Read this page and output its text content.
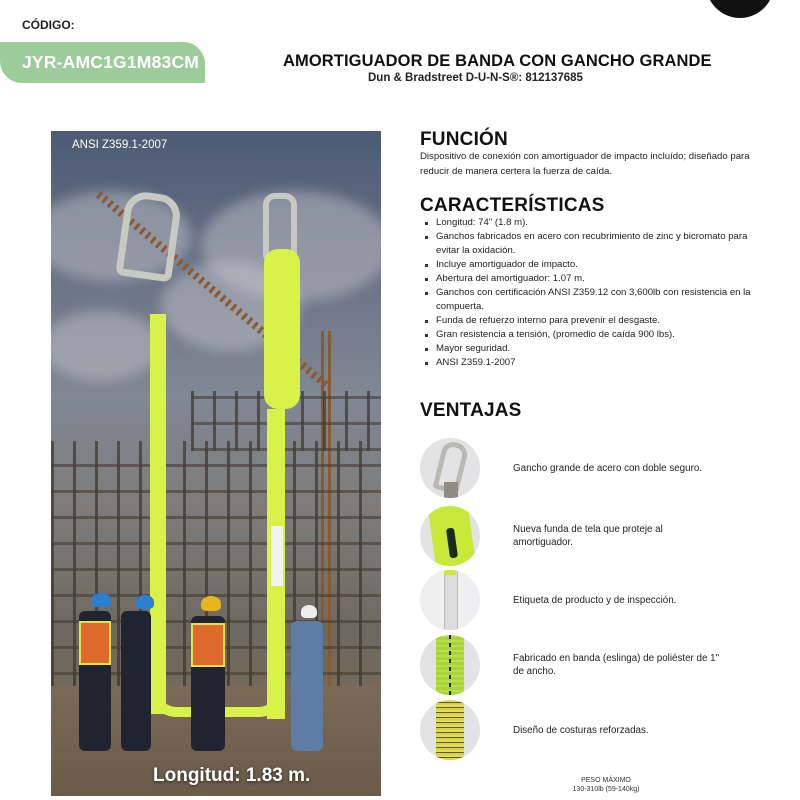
CÓDIGO:
JYR-AMC1G1M83CM	AMORTIGUADOR DE BANDA CON GANCHO GRANDE
Dun & Bradstreet D-U-N-S®: 812137685
ANSI Z359.1-2007
Longitud: 1.83 m.
FUNCIÓN
Dispositivo de conexión con amortiguador de impacto incluído; diseñado para reducir de manera certera la fuerza de caída.
CARACTERÍSTICAS
Longitud: 74" (1.8 m).
Ganchos fabricados en acero con recubrimiento de zinc y bicromato para evitar la oxidación.
Incluye amortiguador de impacto.
Abertura del amortiguador: 1.07 m.
Ganchos con certificación ANSI Z359.12 con 3,600lb con resistencia en la compuerta.
Funda de refuerzo interno para prevenir el desgaste.
Gran resistencia a tensión, (promedio de caída 900 lbs).
Mayor seguridad.
ANSI Z359.1-2007
VENTAJAS
Gancho grande de acero con doble seguro.
Nueva funda de tela que proteje al amortiguador.
Etiqueta de producto y de inspección.
Fabricado en banda (eslinga) de poliéster de 1" de ancho.
Diseño de costuras reforzadas.
PESO MÁXIMO
130-310lb (59-140kg)
